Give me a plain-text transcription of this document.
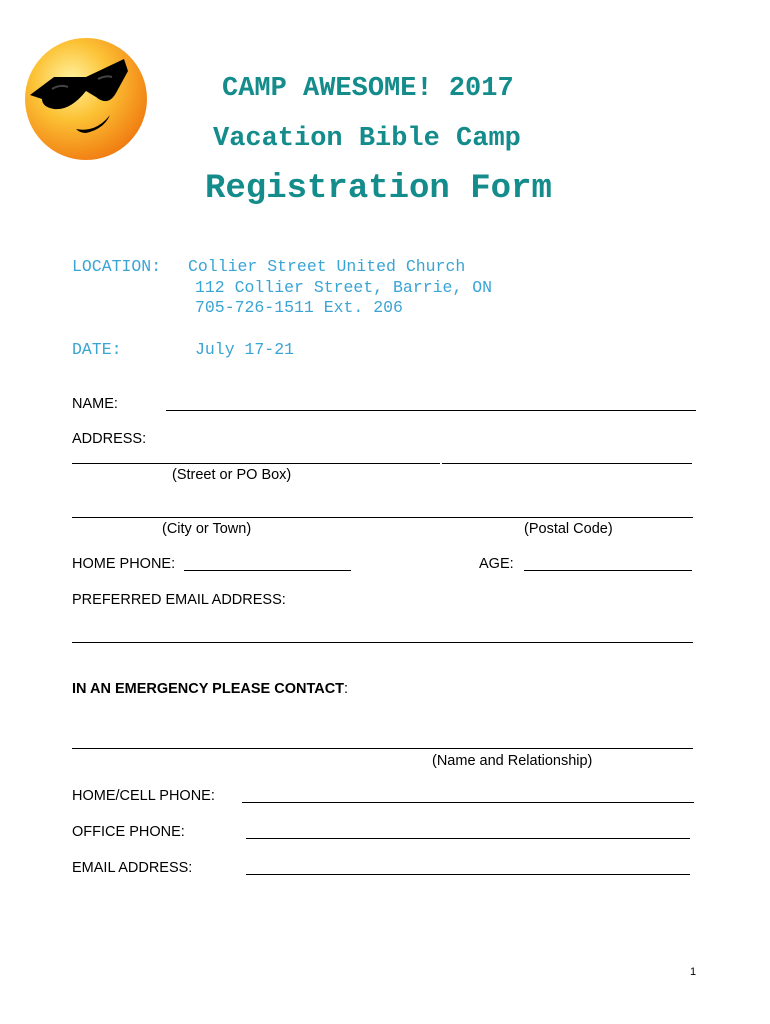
CAMP AWESOME! 2017
Vacation Bible Camp
Registration Form
LOCATION: Collier Street United Church
112 Collier Street, Barrie, ON
705-726-1511 Ext. 206
DATE:	July 17-21
NAME:
ADDRESS:
(Street or PO Box)
(City or Town)	(Postal Code)
HOME PHONE:	AGE:
PREFERRED EMAIL ADDRESS:
IN AN EMERGENCY PLEASE CONTACT:
(Name and Relationship)
HOME/CELL PHONE:
OFFICE PHONE:
EMAIL ADDRESS:
1
